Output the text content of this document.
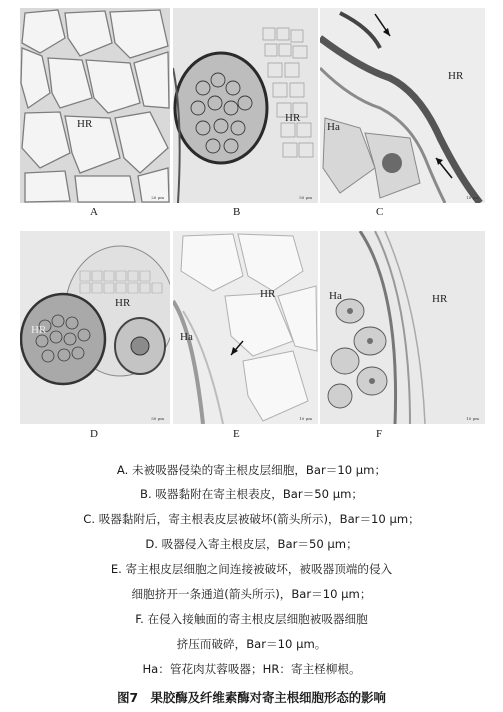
HR
20 μm
A
HR
50 μm
B
HR
Ha
10 μm
C
HR
HR
50 μm
D
HR
Ha
10 μm
E
Ha	HR
10 μm
F
A. 未被吸器侵染的寄主根皮层细胞，Bar＝10 μm；
B. 吸器黏附在寄主根表皮，Bar＝50 μm；
C. 吸器黏附后，寄主根表皮层被破坏(箭头所示)，Bar＝10 μm；
D. 吸器侵入寄主根皮层，Bar＝50 μm；
E. 寄主根皮层细胞之间连接被破坏，被吸器顶端的侵入
细胞挤开一条通道(箭头所示)，Bar＝10 μm；
F. 在侵入接触面的寄主根皮层细胞被吸器细胞
挤压而破碎，Bar＝10 μm。
Ha：管花肉苁蓉吸器；HR：寄主柽柳根。
图7　果胶酶及纤维素酶对寄主根细胞形态的影响
